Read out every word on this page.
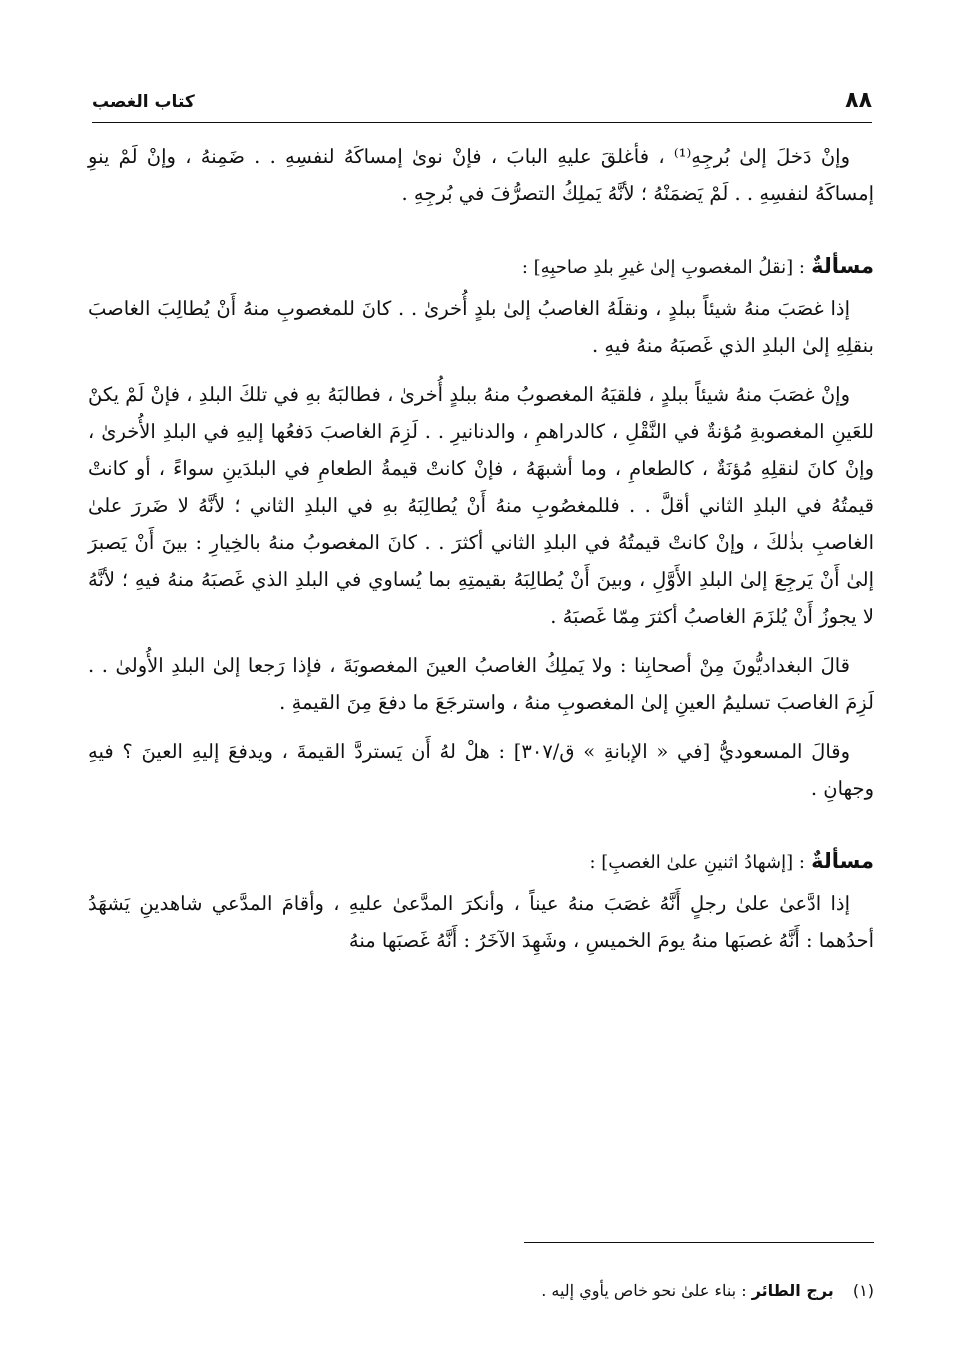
٨٨
كتاب الغصب

وإنْ دَخلَ إلىٰ بُرجِهِ⁽¹⁾ ، فأغلقَ عليهِ البابَ ، فإنْ نوىٰ إمساكَهُ لنفسِهِ . . ضَمِنهُ ، وإنْ لَمْ ينوِ إمساكَهُ لنفسِهِ . . لَمْ يَضمَنْهُ ؛ لأنَّهُ يَملِكُ التصرُّفَ في بُرجِهِ .

مسألةٌ : [نقلُ المغصوبِ إلىٰ غيرِ بلدِ صاحبِهِ] :

إذا غصَبَ منهُ شيئاً ببلدٍ ، ونقلَهُ الغاصبُ إلىٰ بلدٍ أُخرىٰ . . كانَ للمغصوبِ منهُ أَنْ يُطالِبَ الغاصبَ بنقلِهِ إلىٰ البلدِ الذي غَصبَهُ منهُ فيهِ .

وإنْ غصَبَ منهُ شيئاً ببلدٍ ، فلقيَهُ المغصوبُ منهُ ببلدٍ أُخرىٰ ، فطالبَهُ بهِ في تلكَ البلدِ ، فإنْ لَمْ يكنْ للعَينِ المغصوبةِ مُؤنةٌ في النَّقْلِ ، كالدراهمِ ، والدنانيرِ . . لَزِمَ الغاصبَ دَفعُها إليهِ في البلدِ الأُخرىٰ ، وإنْ كانَ لنقلِهِ مُؤنَةٌ ، كالطعامِ ، وما أشبهَهُ ، فإنْ كانتْ قيمةُ الطعامِ في البلدَينِ سواءً ، أو كانتْ قيمتُهُ في البلدِ الثاني أقلَّ . . فللمغصُوبِ منهُ أَنْ يُطالِبَهُ بهِ في البلدِ الثاني ؛ لأنَّهُ لا ضَررَ علىٰ الغاصبِ بذٰلكَ ، وإنْ كانتْ قيمتُهُ في البلدِ الثاني أكثرَ . . كانَ المغصوبُ منهُ بالخِيارِ : بينَ أَنْ يَصبرَ إلىٰ أَنْ يَرجِعَ إلىٰ البلدِ الأَوَّلِ ، وبينَ أَنْ يُطالِبَهُ بقيمتِهِ بما يُساوي في البلدِ الذي غَصبَهُ منهُ فيهِ ؛ لأنَّهُ لا يجوزُ أَنْ يُلزَمَ الغاصبُ أكثرَ مِمّا غَصبَهُ .

قالَ البغداديُّونَ مِنْ أصحابِنا : ولا يَملِكُ الغاصبُ العينَ المغصوبَةَ ، فإذا رَجعا إلىٰ البلدِ الأُولىٰ . . لَزِمَ الغاصبَ تسليمُ العينِ إلىٰ المغصوبِ منهُ ، واسترجَعَ ما دفعَ مِنَ القيمةِ .

وقالَ المسعوديُّ [في « الإبانةِ » ق/٣٠٧] : هلْ لهُ أَن يَستردَّ القيمةَ ، ويدفعَ إليهِ العينَ ؟ فيهِ وجهانِ .

مسألةٌ : [إشهادُ اثنينِ علىٰ الغصبِ] :

إذا ادَّعىٰ علىٰ رجلٍ أَنَّهُ غصَبَ منهُ عيناً ، وأنكرَ المدَّعىٰ عليهِ ، وأقامَ المدَّعي شاهدينِ يَشهَدُ أحدُهما : أَنَّهُ غصبَها منهُ يومَ الخميسِ ، وشَهِدَ الآخَرُ : أَنَّهُ غَصبَها منهُ

(١) برج الطائر : بناء علىٰ نحو خاص يأوي إليه .
